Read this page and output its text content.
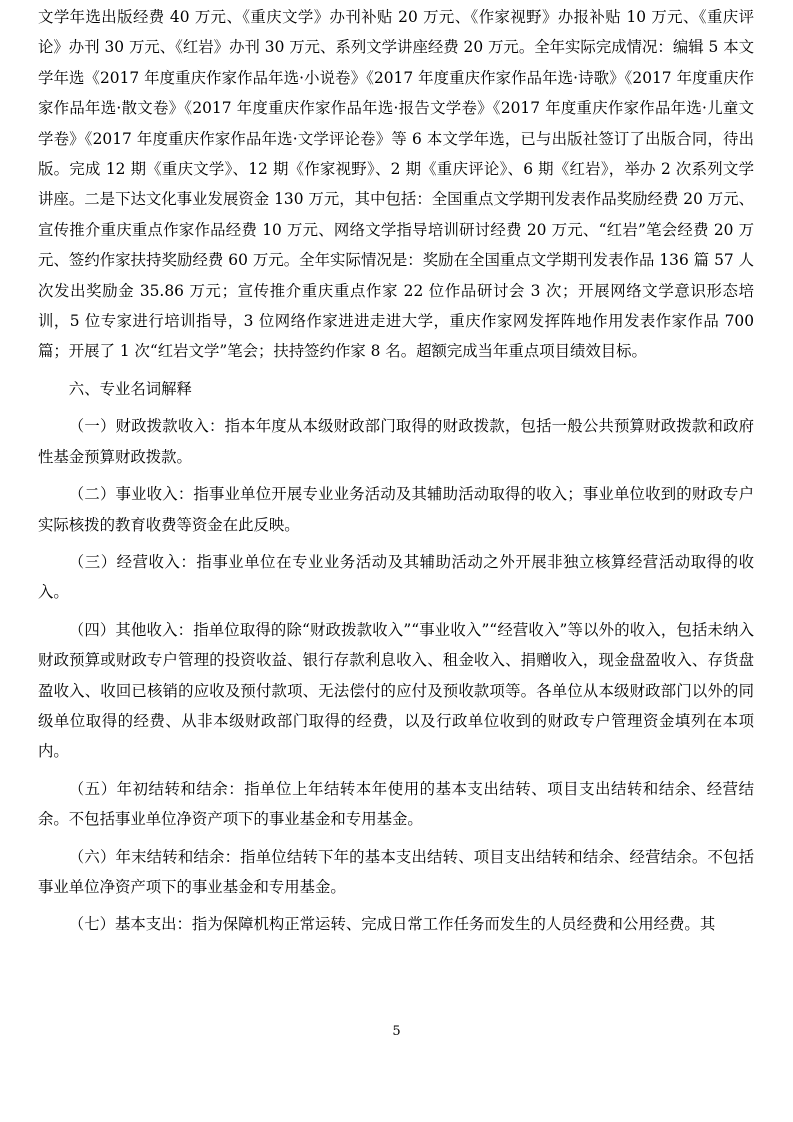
文学年选出版经费 40 万元、《重庆文学》办刊补贴 20 万元、《作家视野》办报补贴 10 万元、《重庆评论》办刊 30 万元、《红岩》办刊 30 万元、系列文学讲座经费 20 万元。全年实际完成情况：编辑 5 本文学年选《2017 年度重庆作家作品年选·小说卷》《2017 年度重庆作家作品年选·诗歌》《2017 年度重庆作家作品年选·散文卷》《2017 年度重庆作家作品年选·报告文学卷》《2017 年度重庆作家作品年选·儿童文学卷》《2017 年度重庆作家作品年选·文学评论卷》等 6 本文学年选，已与出版社签订了出版合同，待出版。完成 12 期《重庆文学》、12 期《作家视野》、2 期《重庆评论》、6 期《红岩》，举办 2 次系列文学讲座。二是下达文化事业发展资金 130 万元，其中包括：全国重点文学期刊发表作品奖励经费 20 万元、宣传推介重庆重点作家作品经费 10 万元、网络文学指导培训研讨经费 20 万元、“红岩”笔会经费 20 万元、签约作家扶持奖励经费 60 万元。全年实际情况是：奖励在全国重点文学期刊发表作品 136 篇 57 人次发出奖励金 35.86 万元；宣传推介重庆重点作家 22 位作品研讨会 3 次；开展网络文学意识形态培训，5 位专家进行培训指导，3 位网络作家进进走进大学，重庆作家网发挥阵地作用发表作家作品 700 篇；开展了 1 次“红岩文学”笔会；扶持签约作家 8 名。超额完成当年重点项目绩效目标。

六、专业名词解释

（一）财政拨款收入：指本年度从本级财政部门取得的财政拨款，包括一般公共预算财政拨款和政府性基金预算财政拨款。

（二）事业收入：指事业单位开展专业业务活动及其辅助活动取得的收入；事业单位收到的财政专户实际核拨的教育收费等资金在此反映。

（三）经营收入：指事业单位在专业业务活动及其辅助活动之外开展非独立核算经营活动取得的收入。

（四）其他收入：指单位取得的除“财政拨款收入”“事业收入”“经营收入”等以外的收入，包括未纳入财政预算或财政专户管理的投资收益、银行存款利息收入、租金收入、捐赠收入，现金盘盈收入、存货盘盈收入、收回已核销的应收及预付款项、无法偿付的应付及预收款项等。各单位从本级财政部门以外的同级单位取得的经费、从非本级财政部门取得的经费，以及行政单位收到的财政专户管理资金填列在本项内。

（五）年初结转和结余：指单位上年结转本年使用的基本支出结转、项目支出结转和结余、经营结余。不包括事业单位净资产项下的事业基金和专用基金。

（六）年末结转和结余：指单位结转下年的基本支出结转、项目支出结转和结余、经营结余。不包括事业单位净资产项下的事业基金和专用基金。

（七）基本支出：指为保障机构正常运转、完成日常工作任务而发生的人员经费和公用经费。其

5
